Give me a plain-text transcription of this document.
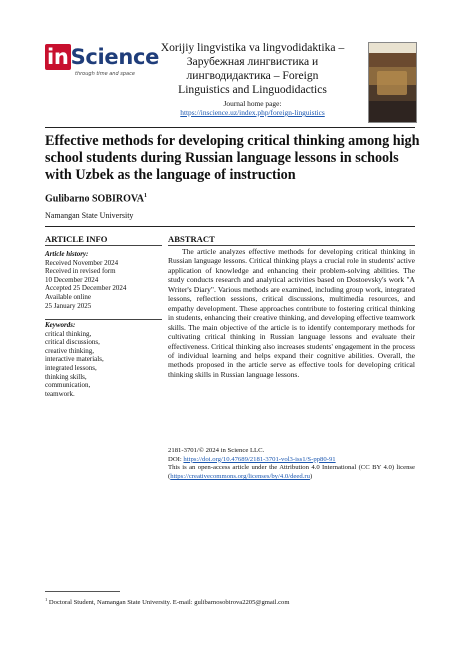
inScience
through time and space
Xorijiy lingvistika va lingvodidaktika –
Зарубежная лингвистика и
лингводидактика – Foreign
Linguistics and Linguodidactics
Journal home page:
https://inscience.uz/index.php/foreign-linguistics
Effective methods for developing critical thinking among high school students during Russian language lessons in schools with Uzbek as the language of instruction
Gulibarno SOBIROVA$^1$
Namangan State University
ARTICLE INFO
Article history:
Received November 2024
Received in revised form
10 December 2024
Accepted 25 December 2024
Available online
25 January 2025
Keywords:
critical thinking,
critical discussions,
creative thinking,
interactive materials,
integrated lessons,
thinking skills,
communication,
teamwork.
ABSTRACT
The article analyzes effective methods for developing critical thinking in Russian language lessons. Critical thinking plays a crucial role in students' active application of knowledge and enhancing their problem-solving abilities. The study conducts research and analytical activities based on Dostoevsky's work "A Writer's Diary". Various methods are examined, including group work, integrated lessons, reflection sessions, critical discussions, multimedia resources, and empathy development. These approaches contribute to fostering critical thinking in students, enhancing their creative thinking, and developing effective teamwork skills. The main objective of the article is to identify contemporary methods for cultivating critical thinking in Russian language lessons and evaluate their effectiveness. Critical thinking also increases students' engagement in the process of individual learning and helps expand their cognitive abilities. Overall, the methods proposed in the article serve as effective tools for developing critical thinking skills in Russian language lessons.
2181-3701/© 2024 in Science LLC.
DOI: https://doi.org/10.47689/2181-3701-vol3-iss1/S-pp80-91
This is an open-access article under the Attribution 4.0 International (CC BY 4.0) license (https://creativecommons.org/licenses/by/4.0/deed.ru)
$^1$ Doctoral Student, Namangan State University. E-mail: gulibarnosobirova2205@gmail.com
